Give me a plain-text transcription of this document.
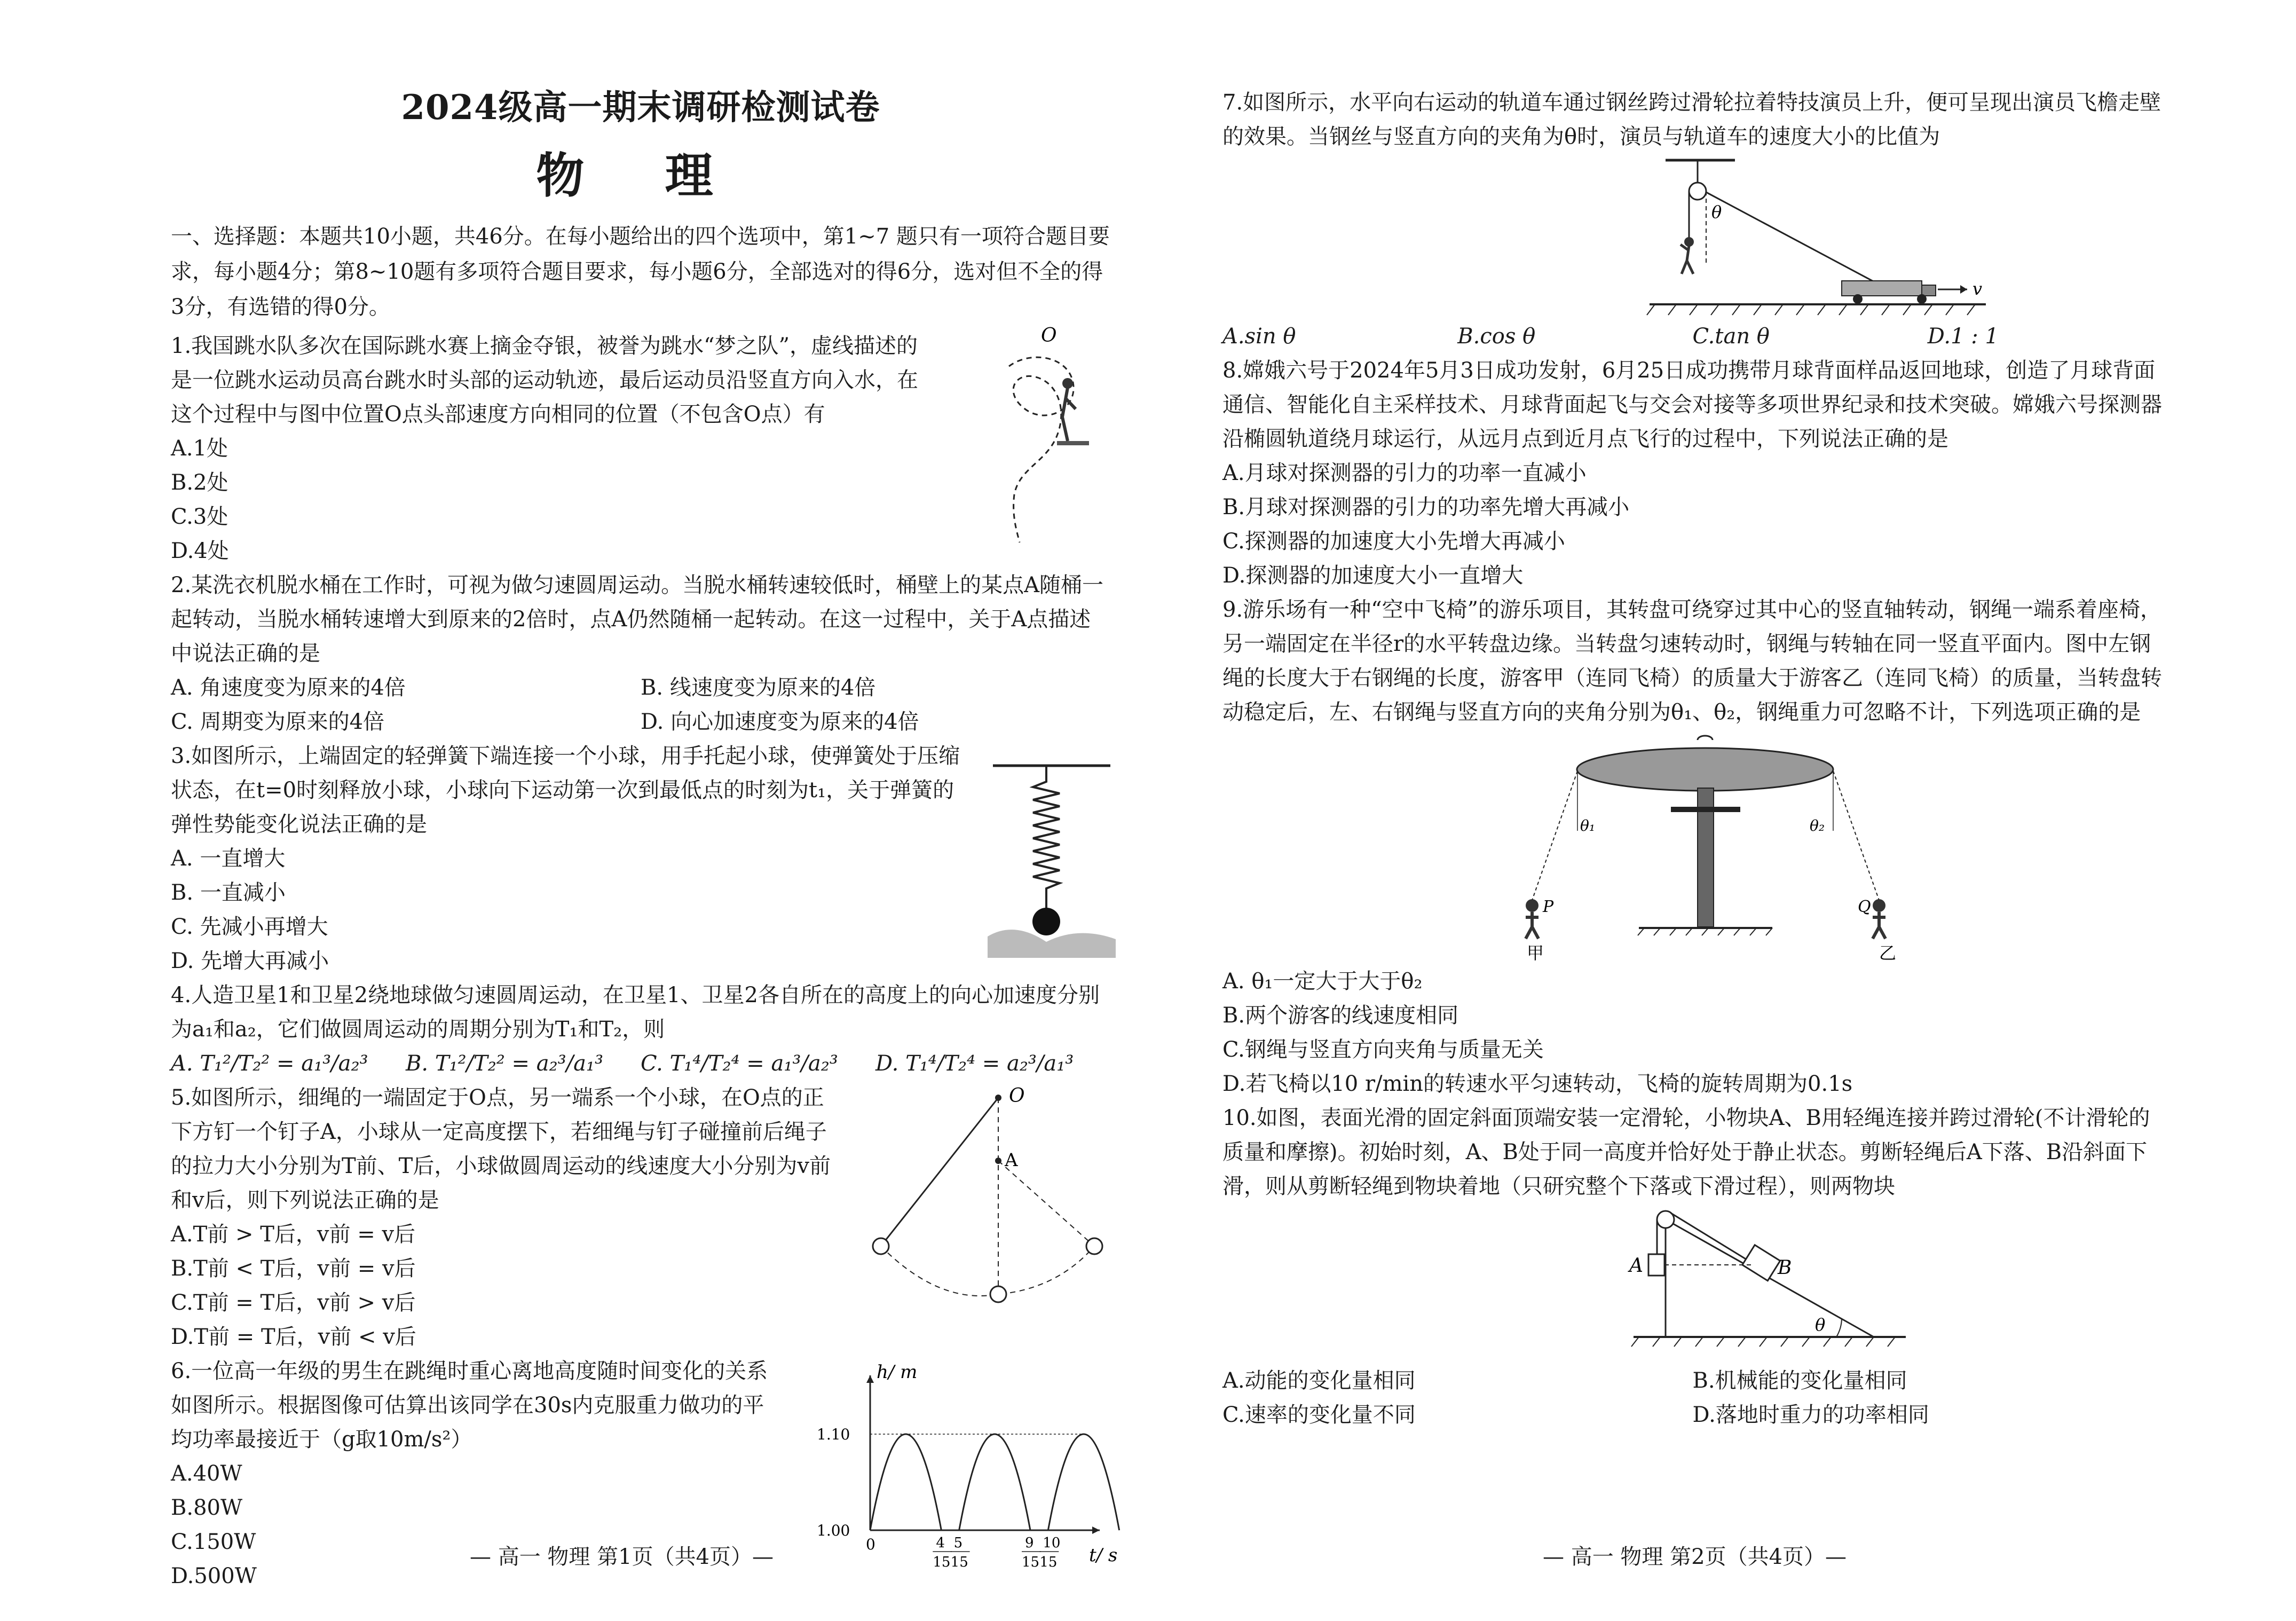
2024级高一期末调研检测试卷
物 理

一、选择题：本题共10小题，共46分。在每小题给出的四个选项中，第1~7 题只有一项符合题目要求，每小题4分；第8~10题有多项符合题目要求，每小题6分，全部选对的得6分，选对但不全的得3分，有选错的得0分。

1.我国跳水队多次在国际跳水赛上摘金夺银，被誉为跳水“梦之队”，虚线描述的是一位跳水运动员高台跳水时头部的运动轨迹，最后运动员沿竖直方向入水，在这个过程中与图中位置O点头部速度方向相同的位置（不包含O点）有

A.1处
B.2处
C.3处
D.4处
O

2.某洗衣机脱水桶在工作时，可视为做匀速圆周运动。当脱水桶转速较低时，桶壁上的某点A随桶一起转动，当脱水桶转速增大到原来的2倍时，点A仍然随桶一起转动。在这一过程中，关于A点描述中说法正确的是

A. 角速度变为原来的4倍	B. 线速度变为原来的4倍
C. 周期变为原来的4倍	D. 向心加速度变为原来的4倍

3.如图所示，上端固定的轻弹簧下端连接一个小球，用手托起小球，使弹簧处于压缩状态，在t=0时刻释放小球，小球向下运动第一次到最低点的时刻为t₁，关于弹簧的弹性势能变化说法正确的是

A. 一直增大
B. 一直减小
C. 先减小再增大
D. 先增大再减小

4.人造卫星1和卫星2绕地球做匀速圆周运动，在卫星1、卫星2各自所在的高度上的向心加速度分别为a₁和a₂，它们做圆周运动的周期分别为T₁和T₂，则

A. T₁²/T₂² = a₁³/a₂³	B. T₁²/T₂² = a₂³/a₁³	C. T₁⁴/T₂⁴ = a₁³/a₂³	D. T₁⁴/T₂⁴ = a₂³/a₁³

5.如图所示，细绳的一端固定于O点，另一端系一个小球，在O点的正下方钉一个钉子A，小球从一定高度摆下，若细绳与钉子碰撞前后绳子的拉力大小分别为T前、T后，小球做圆周运动的线速度大小分别为v前和v后，则下列说法正确的是

A.T前 > T后，v前 = v后
B.T前 < T后，v前 = v后
C.T前 = T后，v前 > v后
D.T前 = T后，v前 < v后
O
A

6.一位高一年级的男生在跳绳时重心离地高度随时间变化的关系如图所示。根据图像可估算出该同学在30s内克服重力做功的平均功率最接近于（g取10m/s²）

A.40W
B.80W
C.150W
D.500W
h/ m
t/ s
1.00
1.10
0	4
15
5
15
9
15
10
15
— 高一 物理 第1页（共4页）—

7.如图所示，水平向右运动的轨道车通过钢丝跨过滑轮拉着特技演员上升，便可呈现出演员飞檐走壁的效果。当钢丝与竖直方向的夹角为θ时，演员与轨道车的速度大小的比值为

θ
v
A.sin θ	B.cos θ	C.tan θ	D.1 : 1

8.嫦娥六号于2024年5月3日成功发射，6月25日成功携带月球背面样品返回地球，创造了月球背面通信、智能化自主采样技术、月球背面起飞与交会对接等多项世界纪录和技术突破。嫦娥六号探测器沿椭圆轨道绕月球运行，从远月点到近月点飞行的过程中，下列说法正确的是

A.月球对探测器的引力的功率一直减小
B.月球对探测器的引力的功率先增大再减小
C.探测器的加速度大小先增大再减小
D.探测器的加速度大小一直增大

9.游乐场有一种“空中飞椅”的游乐项目，其转盘可绕穿过其中心的竖直轴转动，钢绳一端系着座椅，另一端固定在半径r的水平转盘边缘。当转盘匀速转动时，钢绳与转轴在同一竖直平面内。图中左钢绳的长度大于右钢绳的长度，游客甲（连同飞椅）的质量大于游客乙（连同飞椅）的质量，当转盘转动稳定后，左、右钢绳与竖直方向的夹角分别为θ₁、θ₂，钢绳重力可忽略不计，下列选项正确的是

θ₁	θ₂
P	Q
甲	乙
A. θ₁一定大于大于θ₂
B.两个游客的线速度相同
C.钢绳与竖直方向夹角与质量无关
D.若飞椅以10 r/min的转速水平匀速转动，飞椅的旋转周期为0.1s

10.如图，表面光滑的固定斜面顶端安装一定滑轮，小物块A、B用轻绳连接并跨过滑轮(不计滑轮的质量和摩擦)。初始时刻，A、B处于同一高度并恰好处于静止状态。剪断轻绳后A下落、B沿斜面下滑，则从剪断轻绳到物块着地（只研究整个下落或下滑过程），则两物块

A	B
θ
A.动能的变化量相同	B.机械能的变化量相同
C.速率的变化量不同	D.落地时重力的功率相同
— 高一 物理 第2页（共4页）—
